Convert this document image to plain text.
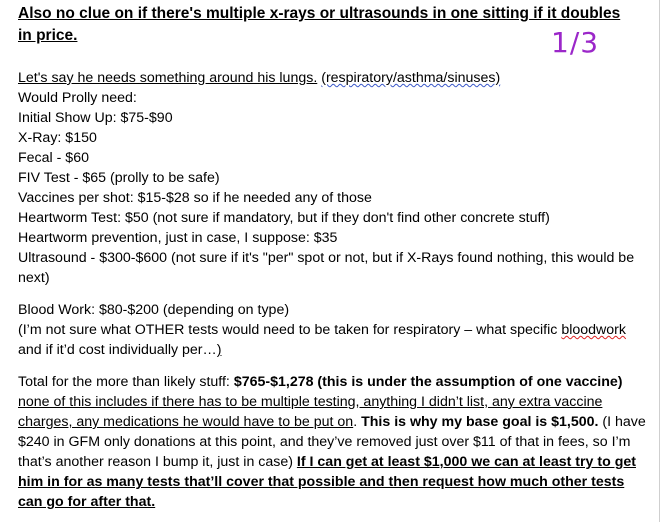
Also no clue on if there's multiple x-rays or ultrasounds in one sitting if it doubles in price.	1/3
Let's say he needs something around his lungs. (respiratory/asthma/sinuses)
Would Prolly need:
Initial Show Up: $75-$90
X-Ray: $150
Fecal - $60
FIV Test - $65 (prolly to be safe)
Vaccines per shot: $15-$28 so if he needed any of those
Heartworm Test: $50 (not sure if mandatory, but if they don't find other concrete stuff)
Heartworm prevention, just in case, I suppose: $35
Ultrasound - $300-$600 (not sure if it's "per" spot or not, but if X-Rays found nothing, this would be next)
Blood Work: $80-$200 (depending on type)
(I’m not sure what OTHER tests would need to be taken for respiratory – what specific bloodwork and if it’d cost individually per…)
Total for the more than likely stuff: $765-$1,278 (this is under the assumption of one vaccine) none of this includes if there has to be multiple testing, anything I didn’t list, any extra vaccine charges, any medications he would have to be put on. This is why my base goal is $1,500. (I have $240 in GFM only donations at this point, and they’ve removed just over $11 of that in fees, so I’m that’s another reason I bump it, just in case) If I can get at least $1,000 we can at least try to get him in for as many tests that’ll cover that possible and then request how much other tests can go for after that.
